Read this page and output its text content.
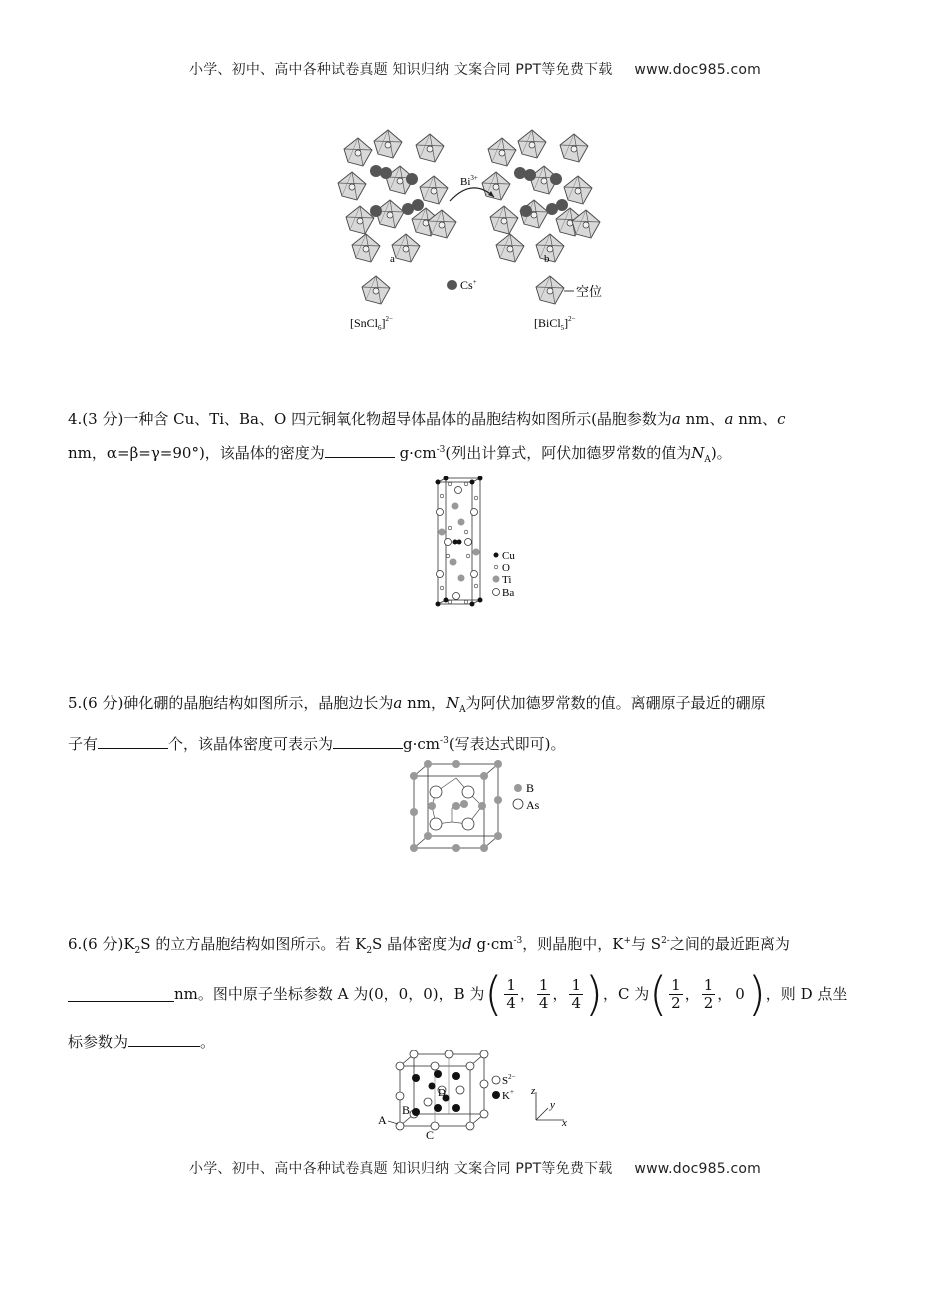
小学、初中、高中各种试卷真题 知识归纳 文案合同 PPT等免费下载 www.doc985.com
$Bi^{3+}$
a	b
Cs+
空位
[SnCl$_6$]$^{2-}$	[BiCl$_5$]$^{2-}$
4.(3 分)一种含 Cu、Ti、Ba、O 四元铜氧化物超导体晶体的晶胞结构如图所示(晶胞参数为a nm、a nm、c
nm，α=β=γ=90°)，该晶体的密度为	$g\cdot cm^{-3}$(列出计算式，阿伏加德罗常数的值为$N_A$)。
Cu
O
Ti
Ba
5.(6 分)砷化硼的晶胞结构如图所示，晶胞边长为a nm，$N_A$为阿伏加德罗常数的值。离硼原子最近的硼原
子有	个，该晶体密度可表示为	$g\cdot cm^{-3}$(写表达式即可)。
B
As
6.(6 分)$K_2S$ 的立方晶胞结构如图所示。若 $K_2S$ 晶体密度为d $g\cdot cm^{-3}$，则晶胞中，K+与 $S^{2-}$之间的最近距离为
nm。图中原子坐标参数 A 为(0，0，0)，B 为 ( $\frac{1}{4}$ ， $\frac{1}{4}$ ， $\frac{1}{4}$ ) ，C 为 ( $\frac{1}{2}$ ， $\frac{1}{2}$ ， 0 ) ，则 D 点坐
标参数为	。
A
B
C
D
$S^{2-}$
K+ z
y
x
小学、初中、高中各种试卷真题 知识归纳 文案合同 PPT等免费下载 www.doc985.com
